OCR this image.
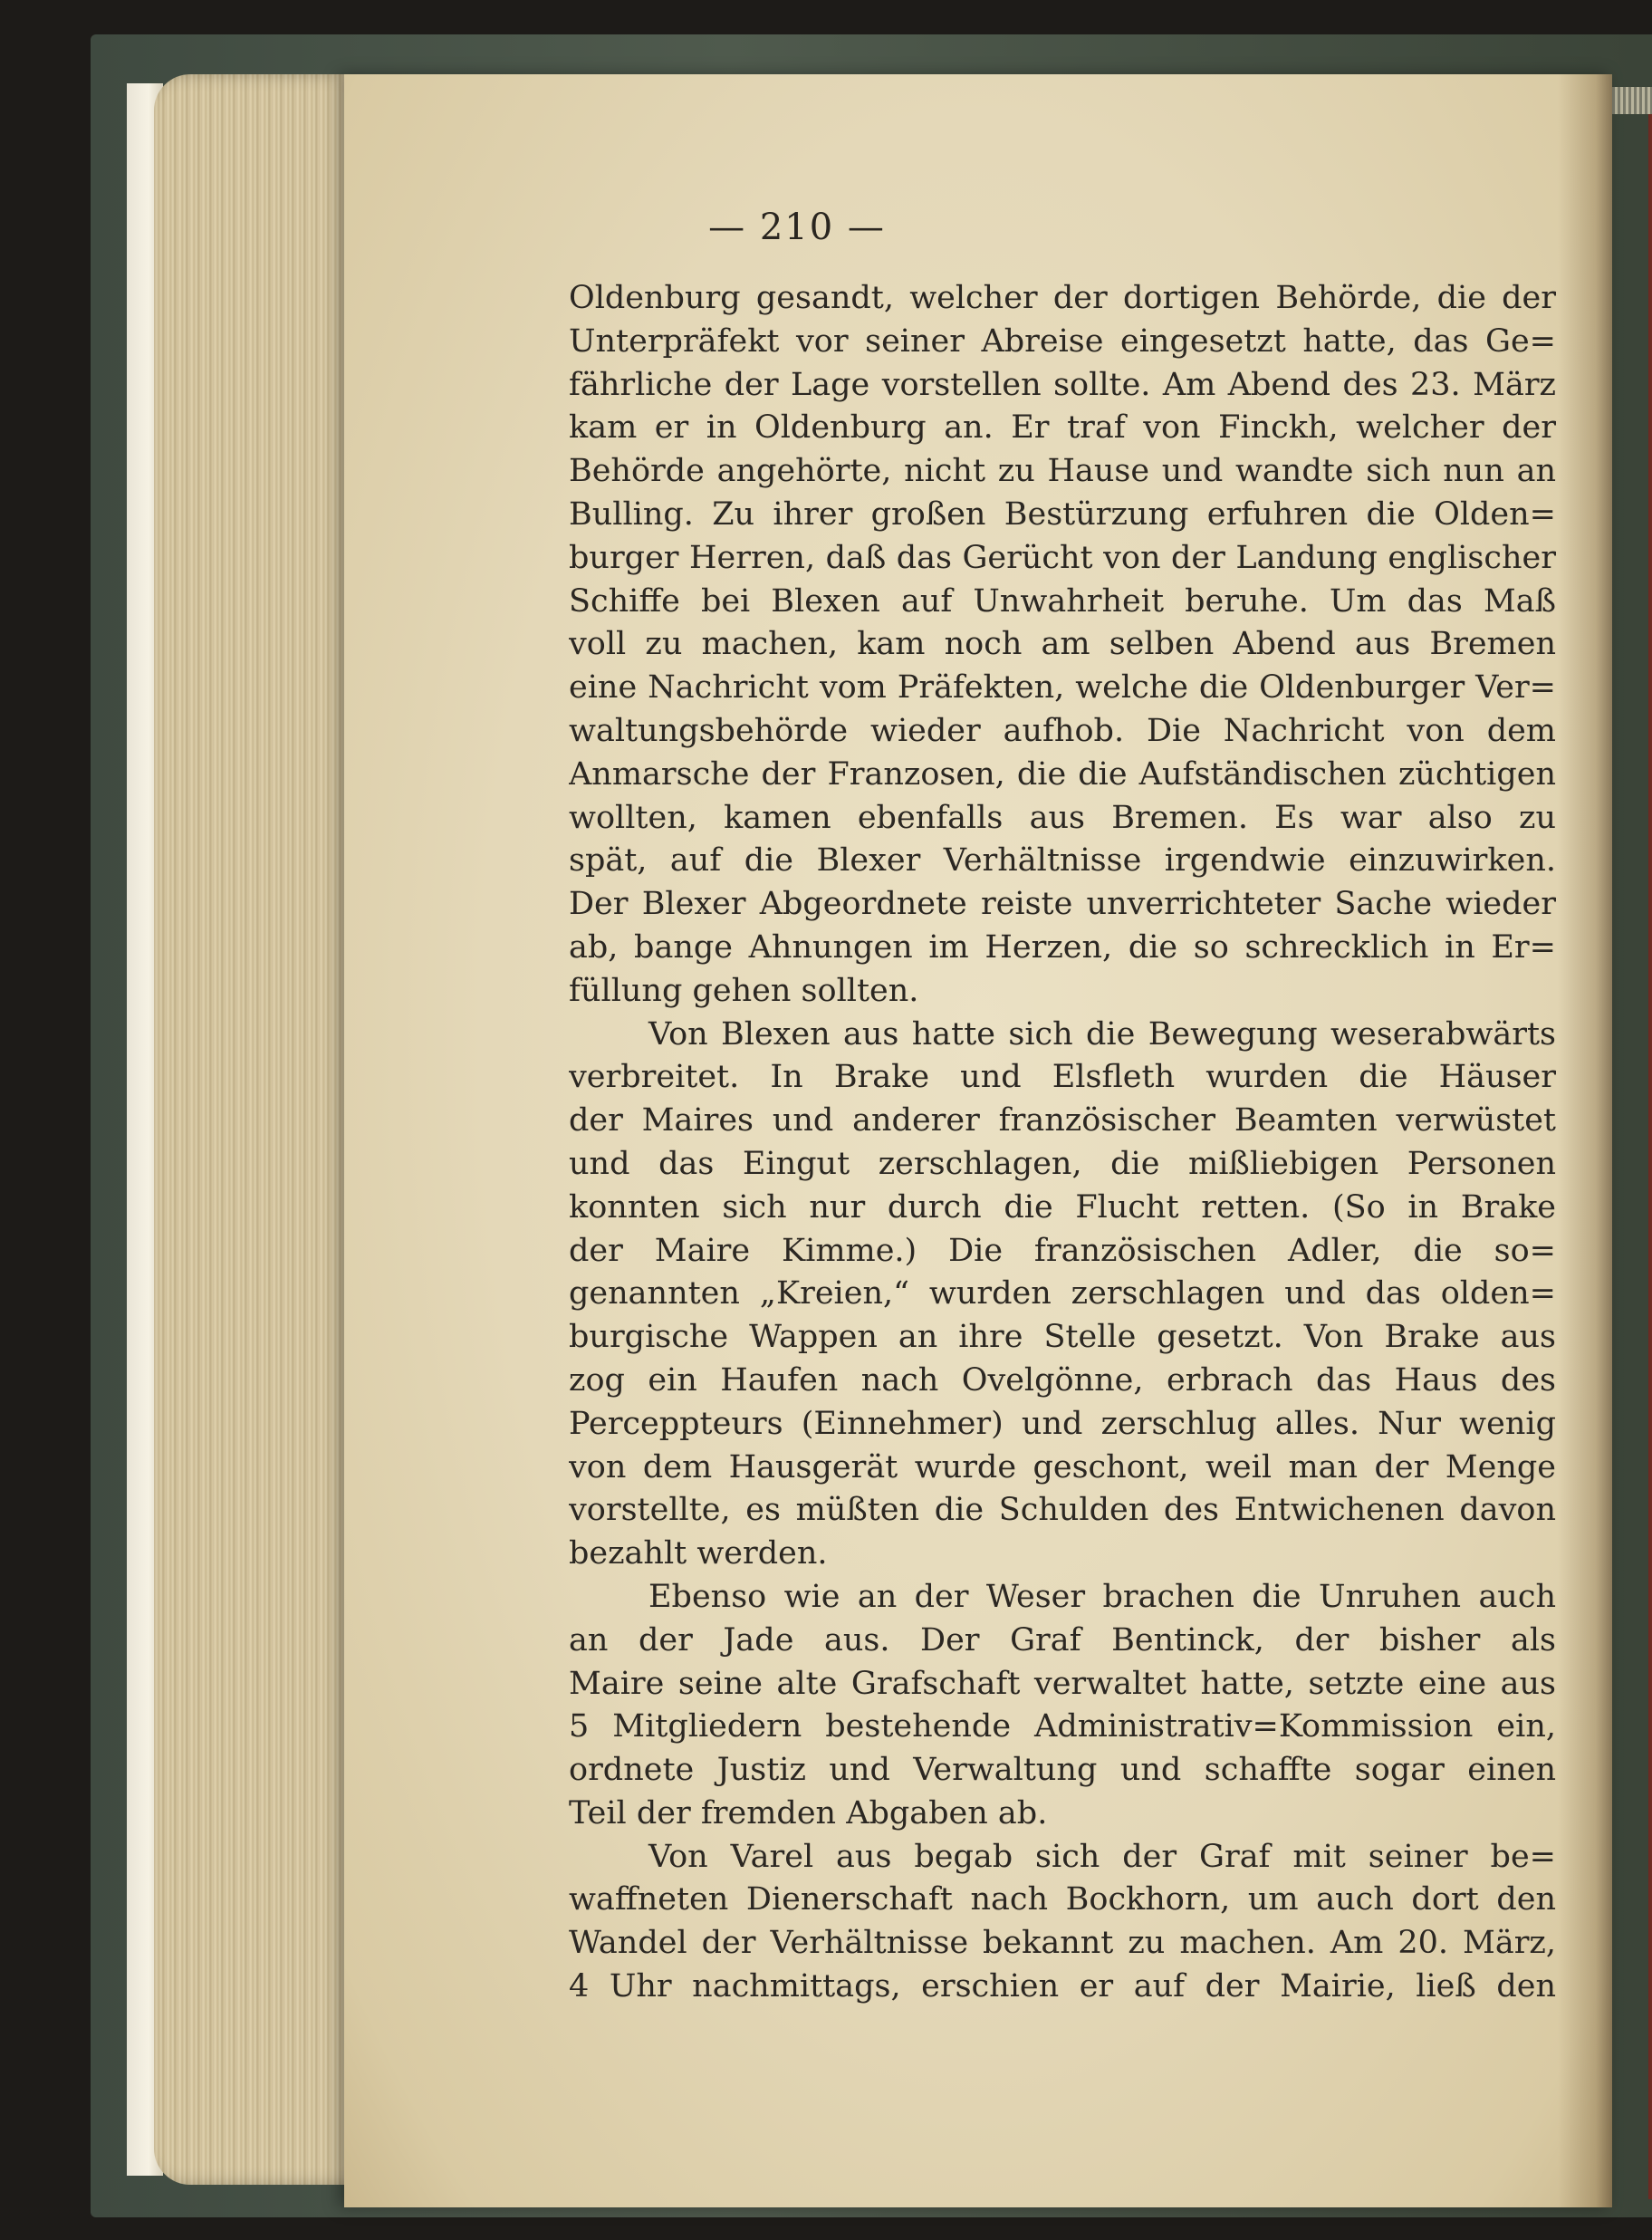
— 210 —
Oldenburg gesandt, welcher der dortigen Behörde, die der
Unterpräfekt vor seiner Abreise eingesetzt hatte, das Ge=
fährliche der Lage vorstellen sollte. Am Abend des 23. März
kam er in Oldenburg an. Er traf von Finckh, welcher der
Behörde angehörte, nicht zu Hause und wandte sich nun an
Bulling. Zu ihrer großen Bestürzung erfuhren die Olden=
burger Herren, daß das Gerücht von der Landung englischer
Schiffe bei Blexen auf Unwahrheit beruhe. Um das Maß
voll zu machen, kam noch am selben Abend aus Bremen
eine Nachricht vom Präfekten, welche die Oldenburger Ver=
waltungsbehörde wieder aufhob. Die Nachricht von dem
Anmarsche der Franzosen, die die Aufständischen züchtigen
wollten, kamen ebenfalls aus Bremen. Es war also zu
spät, auf die Blexer Verhältnisse irgendwie einzuwirken.
Der Blexer Abgeordnete reiste unverrichteter Sache wieder
ab, bange Ahnungen im Herzen, die so schrecklich in Er=
füllung gehen sollten.
Von Blexen aus hatte sich die Bewegung weserabwärts
verbreitet. In Brake und Elsfleth wurden die Häuser
der Maires und anderer französischer Beamten verwüstet
und das Eingut zerschlagen, die mißliebigen Personen
konnten sich nur durch die Flucht retten. (So in Brake
der Maire Kimme.) Die französischen Adler, die so=
genannten „Kreien,“ wurden zerschlagen und das olden=
burgische Wappen an ihre Stelle gesetzt. Von Brake aus
zog ein Haufen nach Ovelgönne, erbrach das Haus des
Perceppteurs (Einnehmer) und zerschlug alles. Nur wenig
von dem Hausgerät wurde geschont, weil man der Menge
vorstellte, es müßten die Schulden des Entwichenen davon
bezahlt werden.
Ebenso wie an der Weser brachen die Unruhen auch
an der Jade aus. Der Graf Bentinck, der bisher als
Maire seine alte Grafschaft verwaltet hatte, setzte eine aus
5 Mitgliedern bestehende Administrativ=Kommission ein,
ordnete Justiz und Verwaltung und schaffte sogar einen
Teil der fremden Abgaben ab.
Von Varel aus begab sich der Graf mit seiner be=
waffneten Dienerschaft nach Bockhorn, um auch dort den
Wandel der Verhältnisse bekannt zu machen. Am 20. März,
4 Uhr nachmittags, erschien er auf der Mairie, ließ den
